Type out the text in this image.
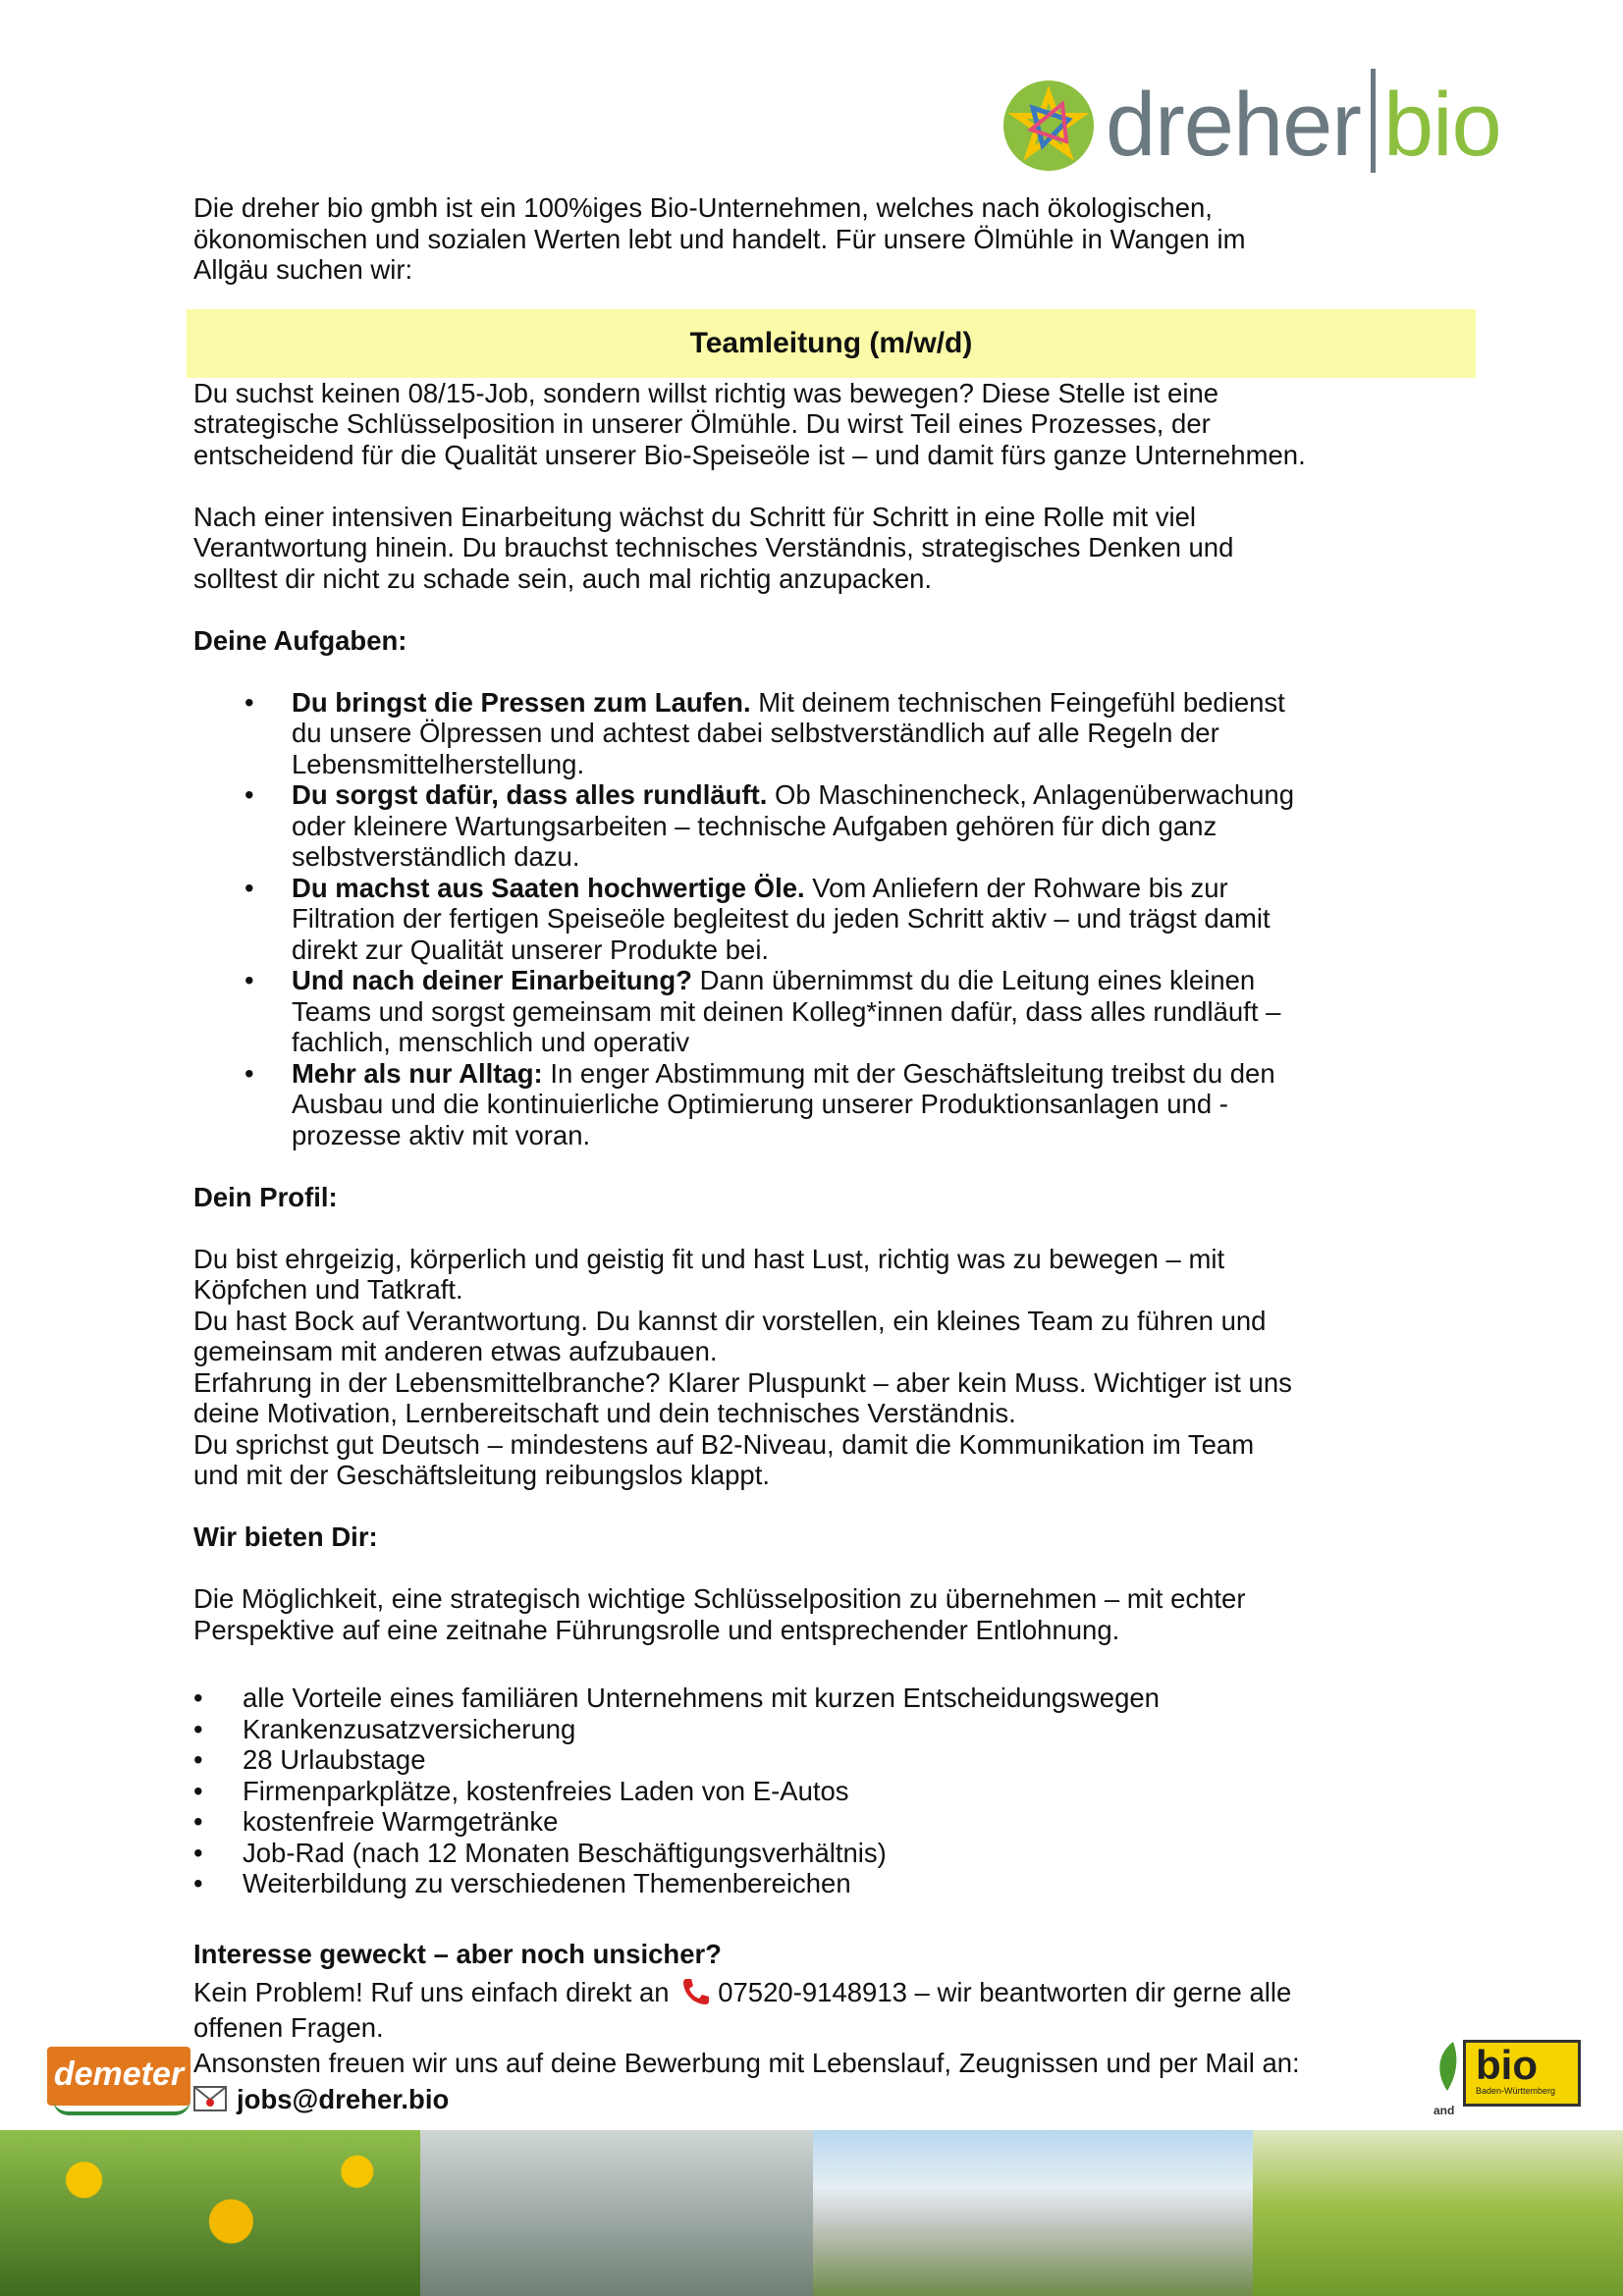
dreher bio
Teamleitung (m/w/d)

Die dreher bio gmbh ist ein 100%iges Bio-Unternehmen, welches nach ökologischen,
ökonomischen und sozialen Werten lebt und handelt. Für unsere Ölmühle in Wangen im
Allgäu suchen wir:

Du suchst keinen 08/15-Job, sondern willst richtig was bewegen? Diese Stelle ist eine
strategische Schlüsselposition in unserer Ölmühle. Du wirst Teil eines Prozesses, der
entscheidend für die Qualität unserer Bio-Speiseöle ist – und damit fürs ganze Unternehmen.

Nach einer intensiven Einarbeitung wächst du Schritt für Schritt in eine Rolle mit viel
Verantwortung hinein. Du brauchst technisches Verständnis, strategisches Denken und
solltest dir nicht zu schade sein, auch mal richtig anzupacken.

Deine Aufgaben:

• Du bringst die Pressen zum Laufen. Mit deinem technischen Feingefühl bedienst
du unsere Ölpressen und achtest dabei selbstverständlich auf alle Regeln der
Lebensmittelherstellung.
• Du sorgst dafür, dass alles rundläuft. Ob Maschinencheck, Anlagenüberwachung
oder kleinere Wartungsarbeiten – technische Aufgaben gehören für dich ganz
selbstverständlich dazu.
• Du machst aus Saaten hochwertige Öle. Vom Anliefern der Rohware bis zur
Filtration der fertigen Speiseöle begleitest du jeden Schritt aktiv – und trägst damit
direkt zur Qualität unserer Produkte bei.
• Und nach deiner Einarbeitung? Dann übernimmst du die Leitung eines kleinen
Teams und sorgst gemeinsam mit deinen Kolleg*innen dafür, dass alles rundläuft –
fachlich, menschlich und operativ
• Mehr als nur Alltag: In enger Abstimmung mit der Geschäftsleitung treibst du den
Ausbau und die kontinuierliche Optimierung unserer Produktionsanlagen und -
prozesse aktiv mit voran.

Dein Profil:

Du bist ehrgeizig, körperlich und geistig fit und hast Lust, richtig was zu bewegen – mit
Köpfchen und Tatkraft.
Du hast Bock auf Verantwortung. Du kannst dir vorstellen, ein kleines Team zu führen und
gemeinsam mit anderen etwas aufzubauen.
Erfahrung in der Lebensmittelbranche? Klarer Pluspunkt – aber kein Muss. Wichtiger ist uns
deine Motivation, Lernbereitschaft und dein technisches Verständnis.
Du sprichst gut Deutsch – mindestens auf B2-Niveau, damit die Kommunikation im Team
und mit der Geschäftsleitung reibungslos klappt.

Wir bieten Dir:

Die Möglichkeit, eine strategisch wichtige Schlüsselposition zu übernehmen – mit echter
Perspektive auf eine zeitnahe Führungsrolle und entsprechender Entlohnung.

• alle Vorteile eines familiären Unternehmens mit kurzen Entscheidungswegen
• Krankenzusatzversicherung
• 28 Urlaubstage
• Firmenparkplätze, kostenfreies Laden von E-Autos
• kostenfreie Warmgetränke
• Job-Rad (nach 12 Monaten Beschäftigungsverhältnis)
• Weiterbildung zu verschiedenen Themenbereichen

Interesse geweckt – aber noch unsicher?

Kein Problem! Ruf uns einfach direkt an 07520-9148913 – wir beantworten dir gerne alle
offenen Fragen.

Ansonsten freuen wir uns auf deine Bewerbung mit Lebenslauf, Zeugnissen und per Mail an:

jobs@dreher.bio

demeter
and
bio
Baden-Württemberg
